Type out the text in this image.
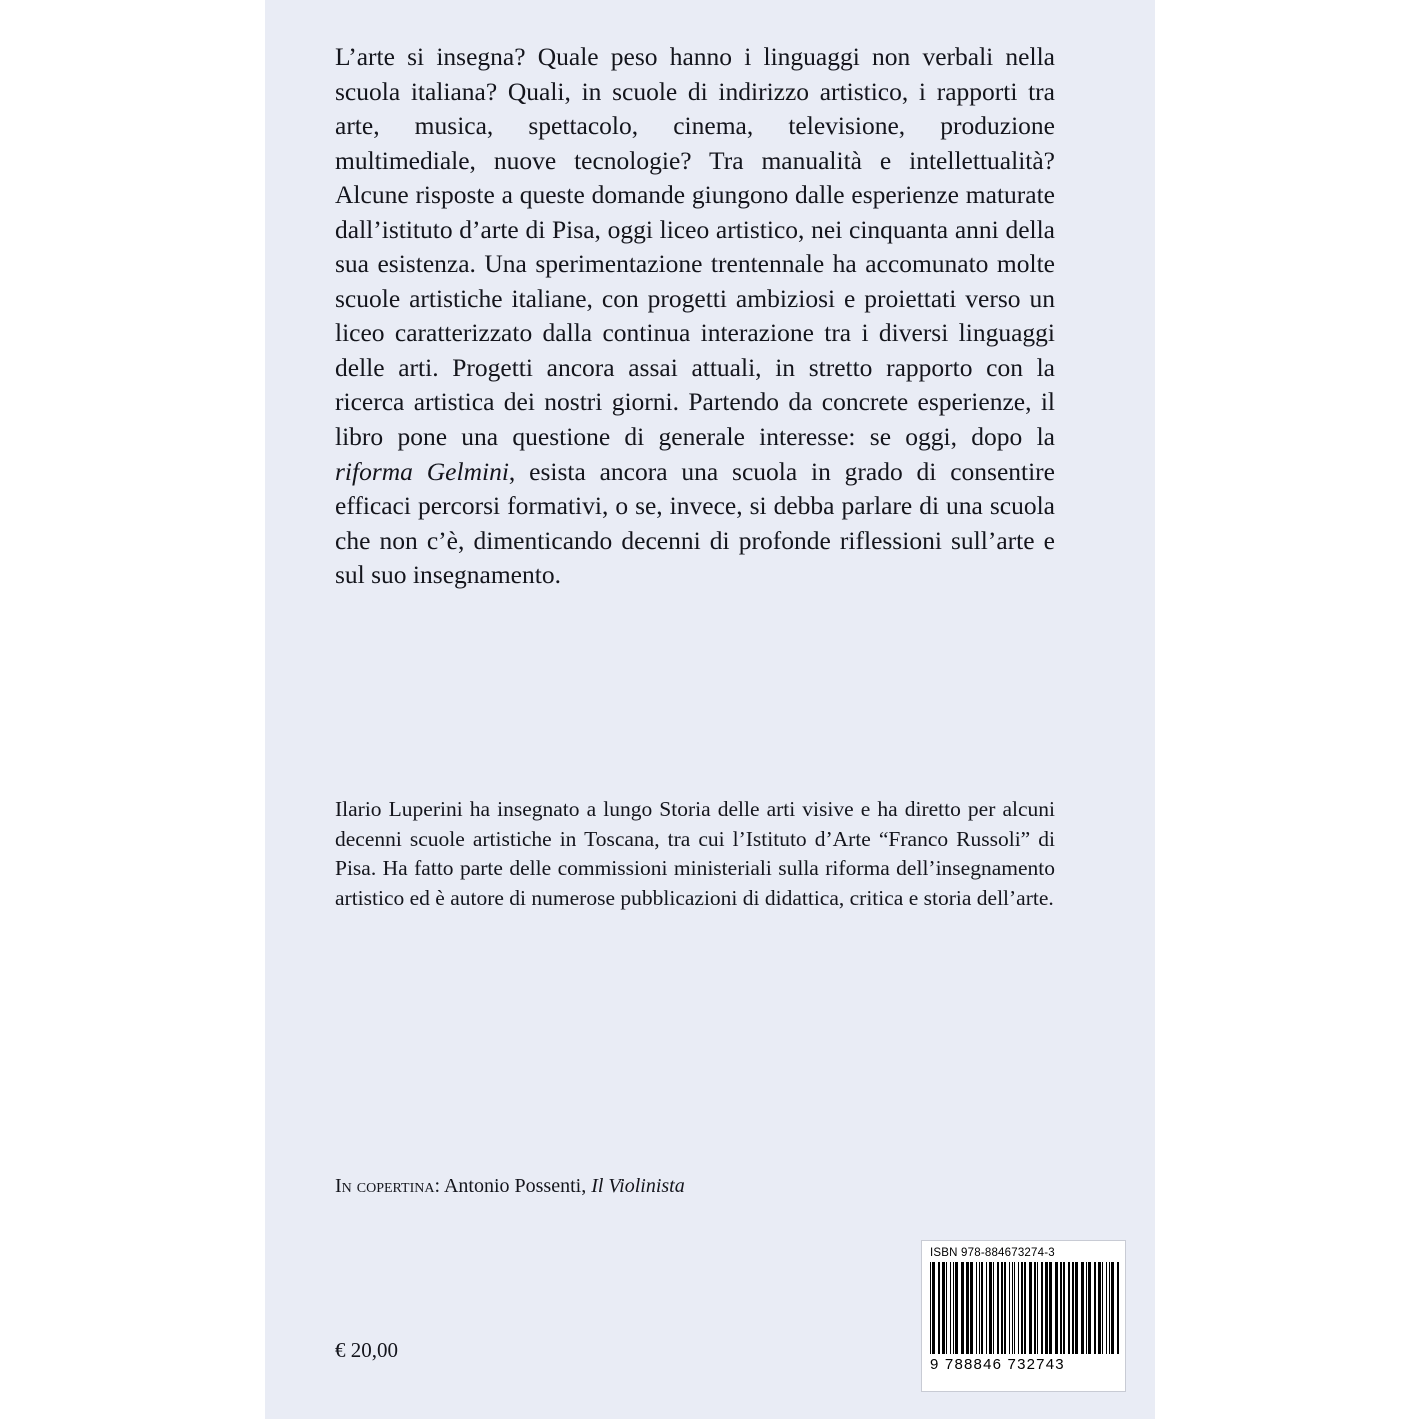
L’arte si insegna? Quale peso hanno i linguaggi non verbali nella scuola italiana? Quali, in scuole di indirizzo artistico, i rapporti tra arte, musica, spettacolo, cinema, televisione, produzione multimediale, nuove tecnologie? Tra manualità e intellettualità? Alcune risposte a queste domande giungono dalle esperienze maturate dall’istituto d’arte di Pisa, oggi liceo artistico, nei cinquanta anni della sua esistenza. Una sperimentazione trentennale ha accomunato molte scuole artistiche italiane, con progetti ambiziosi e proiettati verso un liceo caratterizzato dalla continua interazione tra i diversi linguaggi delle arti. Progetti ancora assai attuali, in stretto rapporto con la ricerca artistica dei nostri giorni. Partendo da concrete esperienze, il libro pone una questione di generale interesse: se oggi, dopo la riforma Gelmini, esista ancora una scuola in grado di consentire efficaci percorsi formativi, o se, invece, si debba parlare di una scuola che non c’è, dimenticando decenni di profonde riflessioni sull’arte e sul suo insegnamento.
Ilario Luperini ha insegnato a lungo Storia delle arti visive e ha diretto per alcuni decenni scuole artistiche in Toscana, tra cui l’Istituto d’Arte “Franco Russoli” di Pisa. Ha fatto parte delle commissioni ministeriali sulla riforma dell’insegnamento artistico ed è autore di numerose pubblicazioni di didattica, critica e storia dell’arte.
In copertina: Antonio Possenti, Il Violinista
€ 20,00
ISBN 978-884673274-3
9 788846 732743
